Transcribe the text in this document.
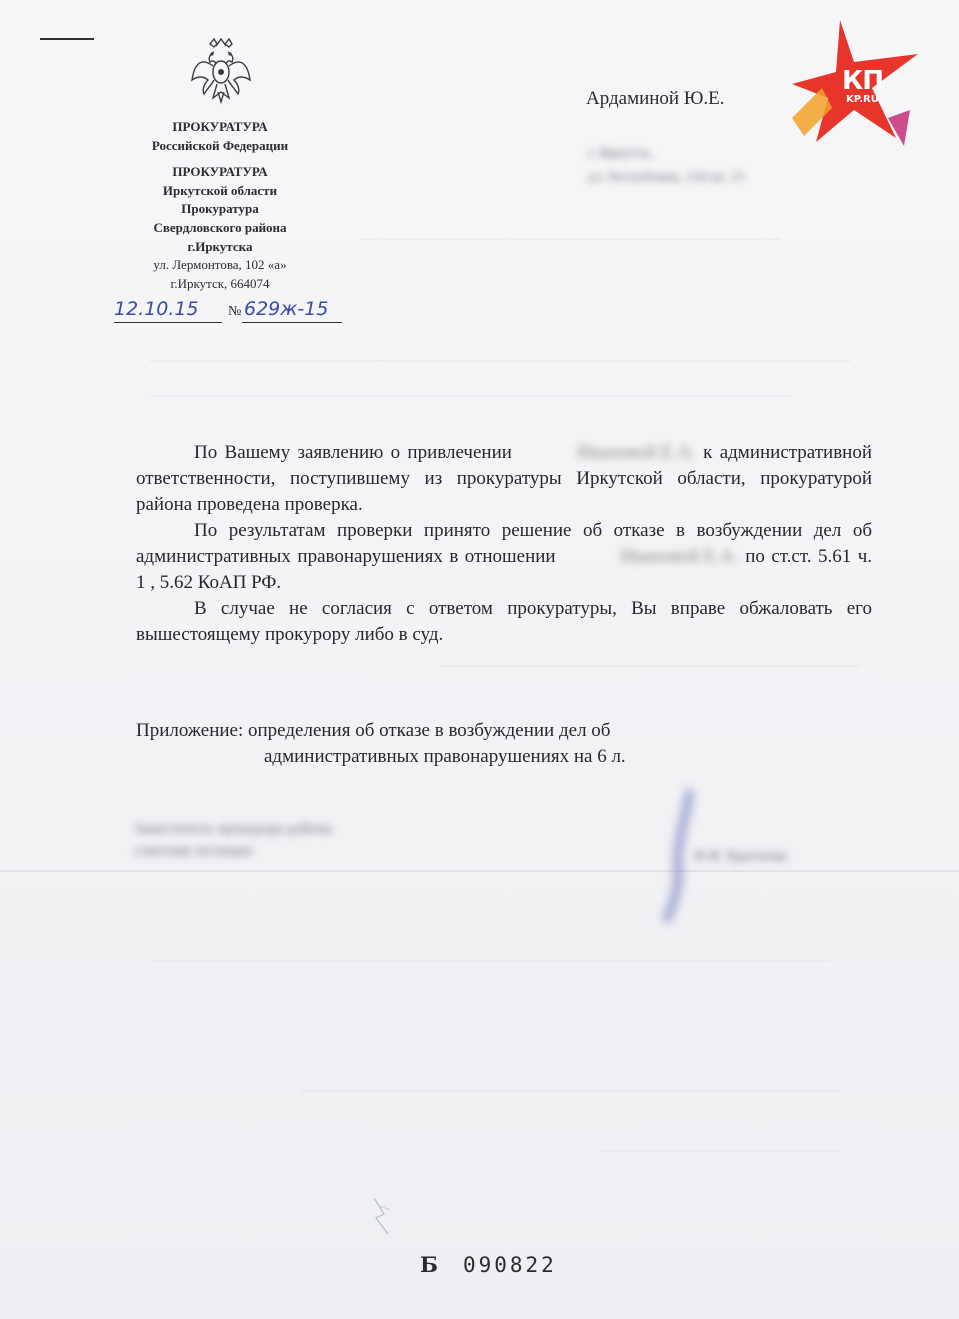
ПРОКУРАТУРА
Российской Федерации
ПРОКУРАТУРА
Иркутской области
Прокуратура
Свердловского района
г.Иркутска
ул. Лермонтова, 102 «а»
г.Иркутск, 664074
12.10.15 № 629ж-15
Ардаминой Ю.Е.
г. Иркутск,
ул. Республики, 134 кв. 15
КП
KP.RU

По Вашему заявлению о привлечении	Ивановой Е.А. к административной ответственности, поступившему из прокуратуры Иркутской области, прокуратурой района проведена проверка.

По результатам проверки принято решение об отказе в возбуждении дел об административных правонарушениях в отношении	Ивановой Е.А. по ст.ст. 5.61 ч. 1 , 5.62 КоАП РФ.

В случае не согласия с ответом прокуратуры, Вы вправе обжаловать его вышестоящему прокурору либо в суд.

Приложение: определения об отказе в возбуждении дел об
административных правонарушениях на 6 л.
Заместитель прокурора района
советник юстиции	И.И. Краснова
Б 090822
